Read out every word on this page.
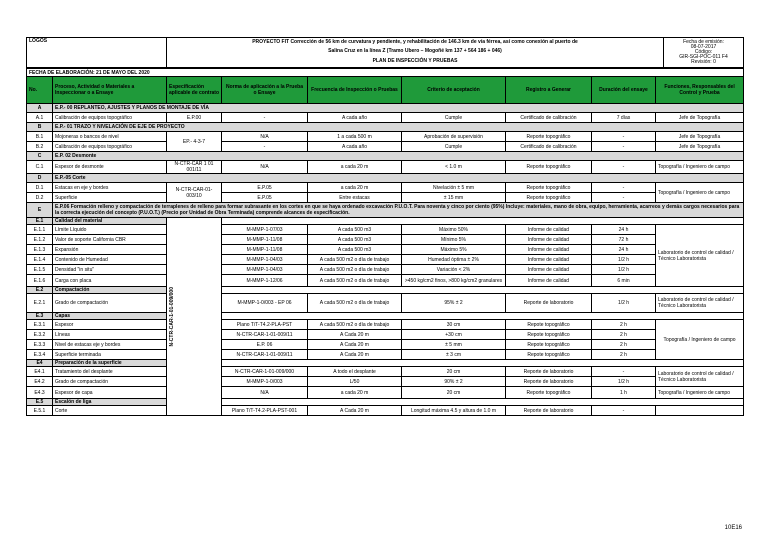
LOGOS	PROYECTO FIT Corrección de 56 km de curvatura y pendiente, y rehabilitación de 146.3 km de vía férrea, así como conexión al puerto de
Salina Cruz en la línea Z (Tramo Ubero – Mogoñé km 137 + 564 186 + 046)

Fecha de emisión:
08-07-2017
Código:
GIR-SGI-POC-011 F4
Revisión: 0

PLAN DE INSPECCIÓN Y PRUEBAS
FECHA DE ELABORACIÓN: 21 DE MAYO DEL 2020								
No.	Proceso, Actividad o Materiales a Inspeccionar o a Ensaye	Especificación aplicable de contrato	Norma de aplicación a la Prueba o Ensaye	Frecuencia de Inspección o Pruebas	Criterio de aceptación	Registro a Generar	Duración del ensaye	Funciones, Responsables del Control y Prueba
A	E.P.- 00 REPLANTEO, AJUSTES Y PLANOS DE MONTAJE DE VÍA							
A.1	Calibración de equipos topográfico	E.P.00	-	A cada año	Cumple	Certificado de calibración	7 días	Jefe de Topografía
B	E.P.- 01 TRAZO Y NIVELACIÓN DE EJE DE PROYECTO							
B.1	Mojoneras o bancos de nivel	EP.- 4-3-7	N/A	1 a cada 500 m	Aprobación de supervisión	Reporte topográfico	-	Jefe de Topografía
B.2	Calibración de equipos topográfico		-	A cada año	Cumple	Certificado de calibración	-	Jefe de Topografía
C	E.P. 02 Desmonte							
C.1	Espesor de desmonte	N-CTR-CAR 1 01 001/11	N/A	a cada 20 m	< 1.0 m	Reporte topográfico	-	Topografía / Ingeniero de campo
D	E.P.-05 Corte							
D.1	Estacas en eje y bordes	N-CTR-CAR-01-003/10	E.P.05	a cada 20 m	Nivelación ± 5 mm	Reporte topográfico	-	Topografía / Ingeniero de campo
D.2	Superficie		E.P.05	Entre estacas	± 15 mm	Reporte topográfico	-	
E	E.P.06 Formación relleno y compactación de terraplenes de relleno para formar subrasante en los cortes en que se haya ordenado excavación P.U.O.T. Para noventa y cinco por ciento (95%) Incluye: materiales, mano de obra, equipo, herramienta, acarreos y demás cargos necesarios para la correcta ejecución del concepto (P.U.O.T.) (Precio por Unidad de Obra Terminada) comprende alcances de especificación.							
E.1	Calidad del material	N-CTR-CAR-1-01-009/000						

E.1.1	Límite Líquido		M-MMP-1-07/03	A cada 500 m3	Máximo 50%	Informe de calidad	24 h	Laboratorio de control de calidad / Técnico Laboratorista
E.1.2	Valor de soporte California CBR		M-MMP-1-11/08	A cada 500 m3	Mínimo 5%	Informe de calidad	72 h	
E.1.3	Expansión		M-MMP-1-11/08	A cada 500 m3	Máximo 5%	Informe de calidad	24 h	
E.1.4	Contenido de Humedad		M-MMP-1-04/03	A cada 500 m2 o día de trabajo	Humedad óptima ± 2%	Informe de calidad	1/2 h	
E.1.5	Densidad "in situ"		M-MMP-1-04/03	A cada 500 m2 o día de trabajo	Variación < 2%	Informe de calidad	1/2 h	
E.1.6	Carga con placa		M-MMP-1-12/06	A cada 500 m2 o día de trabajo	>450 kg/cm2 finos, >800 kg/cm2 granulares	Informe de calidad	6 min	
E.2	Compactación							
E.2.1	Grado de compactación		M-MMP-1-0/003 - EP 06	A cada 500 m2 o día de trabajo	95% ± 2	Reporte de laboratorio	1/2 h	Laboratorio de control de calidad / Técnico Laboratorista
E.3	Capas							
E.3.1	Espesor		Plano T/T-T4.2-PLA-PST	A cada 500 m2 o día de trabajo	30 cm	Repote topográfico	2 h	Topografía / Ingeniero de campo
E.3.2	Líneas		N-CTR-CAR-1-01-009/11	A Cada 20 m	+30 cm	Repote topográfico	2 h	
E.3.3	Nivel de estacas eje y bordes		E.P. 06	A Cada 20 m	± 5 mm	Repote topográfico	2 h	
E.3.4	Superficie terminada		N-CTR-CAR-1-01-009/11	A Cada 20 m	± 3 cm	Repote topográfico	2 h	
E4	Preparación de la superficie							
E4.1	Tratamiento del desplante		N-CTR-CAR-1-01-009/000	A todo el desplante	20 cm	Reporte de laboratorio	-	Laboratorio de control de calidad / Técnico Laboratorista
E4.2	Grado de compactación		M-MMP-1-0/003	L/50	90% ± 2	Reporte de laboratorio	1/2 h	
E4.3	Espesor de capa		N/A	a cada 20 m	20 cm	Reporte topográfico	1 h	Topografía / Ingeniero de campo
E.5	Escalón de liga							
E.5.1	Corte		Plano T/T-T4.2-PLA-PST-001	A Cada 20 m	Longitud máxima 4.5 y altura de 1.0 m	Reporte de laboratorio	-	
10E16
